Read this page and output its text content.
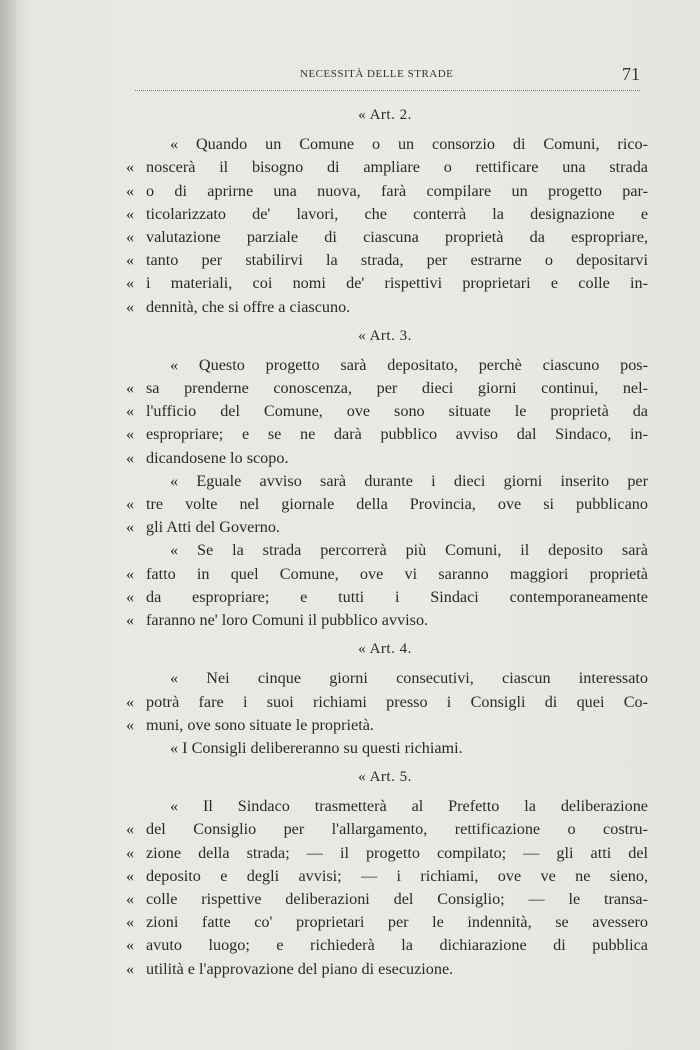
NECESSITÀ DELLE STRADE	71
« Art. 2.
« Quando un Comune o un consorzio di Comuni, rico-
« noscerà il bisogno di ampliare o rettificare una strada
« o di aprirne una nuova, farà compilare un progetto par-
« ticolarizzato de' lavori, che conterrà la designazione e
« valutazione parziale di ciascuna proprietà da espropriare,
« tanto per stabilirvi la strada, per estrarne o depositarvi
« i materiali, coi nomi de' rispettivi proprietari e colle in-
« dennità, che si offre a ciascuno.
« Art. 3.
« Questo progetto sarà depositato, perchè ciascuno pos-
« sa prenderne conoscenza, per dieci giorni continui, nel-
« l'ufficio del Comune, ove sono situate le proprietà da
« espropriare; e se ne darà pubblico avviso dal Sindaco, in-
« dicandosene lo scopo.
« Eguale avviso sarà durante i dieci giorni inserito per
« tre volte nel giornale della Provincia, ove si pubblicano
« gli Atti del Governo.
« Se la strada percorrerà più Comuni, il deposito sarà
« fatto in quel Comune, ove vi saranno maggiori proprietà
« da espropriare; e tutti i Sindaci contemporaneamente
« faranno ne' loro Comuni il pubblico avviso.
« Art. 4.
« Nei cinque giorni consecutivi, ciascun interessato
« potrà fare i suoi richiami presso i Consigli di quei Co-
« muni, ove sono situate le proprietà.
« I Consigli delibereranno su questi richiami.
« Art. 5.
« Il Sindaco trasmetterà al Prefetto la deliberazione
« del Consiglio per l'allargamento, rettificazione o costru-
« zione della strada; — il progetto compilato; — gli atti del
« deposito e degli avvisi; — i richiami, ove ve ne sieno,
« colle rispettive deliberazioni del Consiglio; — le transa-
« zioni fatte co' proprietari per le indennità, se avessero
« avuto luogo; e richiederà la dichiarazione di pubblica
« utilità e l'approvazione del piano di esecuzione.
